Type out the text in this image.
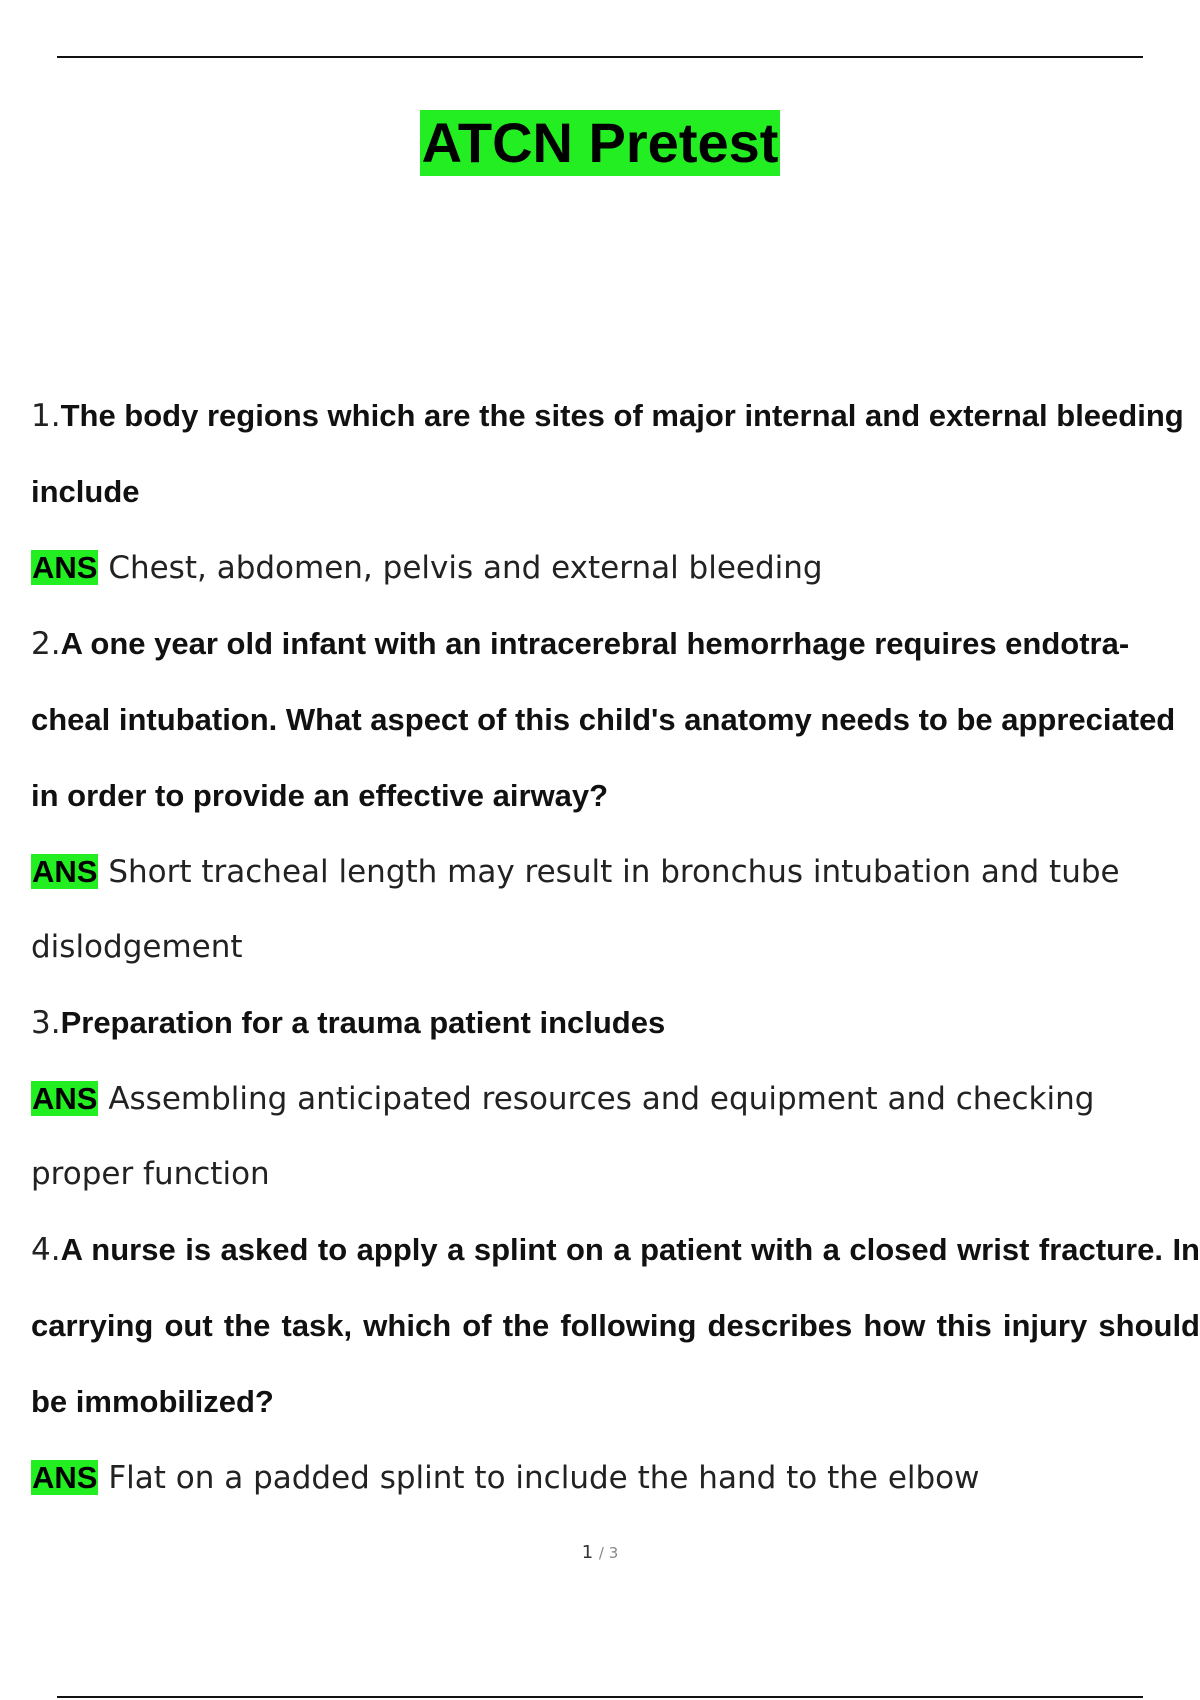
ATCN Pretest

1.The body regions which are the sites of major internal and external bleeding include

ANS Chest, abdomen, pelvis and external bleeding

2.A one year old infant with an intracerebral hemorrhage requires endotra- cheal intubation. What aspect of this child's anatomy needs to be appreciated in order to provide an effective airway?

ANS Short tracheal length may result in bronchus intubation and tube dislodgement

3.Preparation for a trauma patient includes

ANS Assembling anticipated resources and equipment and checking proper function

4.A nurse is asked to apply a splint on a patient with a closed wrist fracture. In carrying out the task, which of the following describes how this injury should be immobilized?

ANS Flat on a padded splint to include the hand to the elbow

1 / 3
